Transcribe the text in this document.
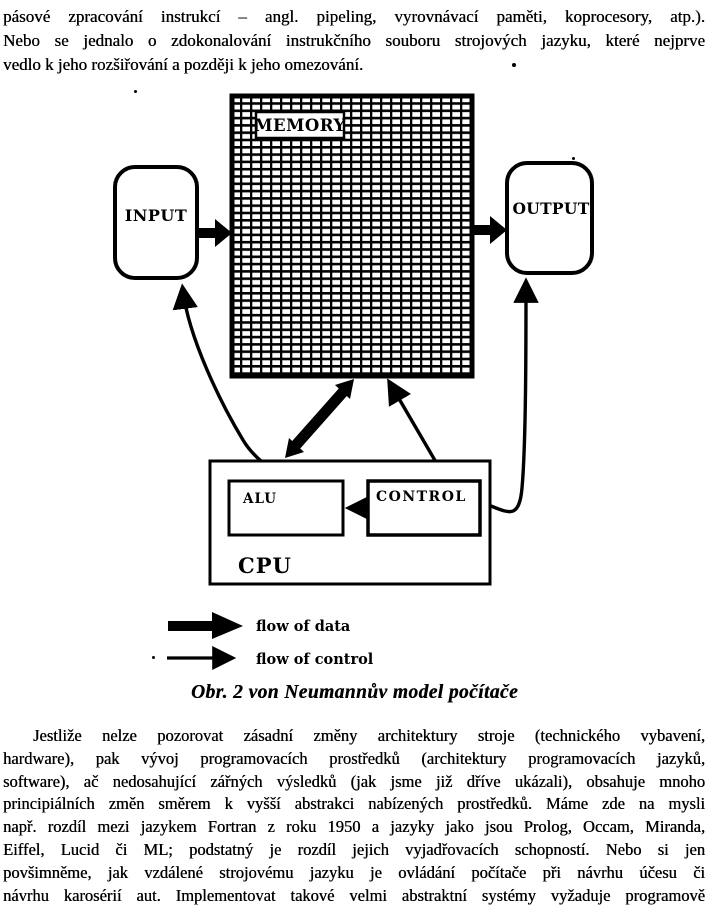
pásové zpracování instrukcí – angl. pipeling, vyrovnávací paměti, koprocesory, atp.).
Nebo se jednalo o zdokonalování instrukčního souboru strojových jazyku, které nejprve
vedlo k jeho rozšiřování a později k jeho omezování.
MEMORY
INPUT	OUTPUT
ALU	CONTROL
CPU
flow of data
flow of control
Obr. 2 von Neumannův model počítače
Jestliže nelze pozorovat zásadní změny architektury stroje (technického vybavení,
hardware), pak vývoj programovacích prostředků (architektury programovacích jazyků,
software), ač nedosahující zářných výsledků (jak jsme již dříve ukázali), obsahuje mnoho
principiálních změn směrem k vyšší abstrakci nabízených prostředků. Máme zde na mysli
např. rozdíl mezi jazykem Fortran z roku 1950 a jazyky jako jsou Prolog, Occam, Miranda,
Eiffel, Lucid či ML; podstatný je rozdíl jejich vyjadřovacích schopností. Nebo si jen
povšimněme, jak vzdálené strojovému jazyku je ovládání počítače při návrhu účesu či
návrhu karosérií aut. Implementovat takové velmi abstraktní systémy vyžaduje programově
